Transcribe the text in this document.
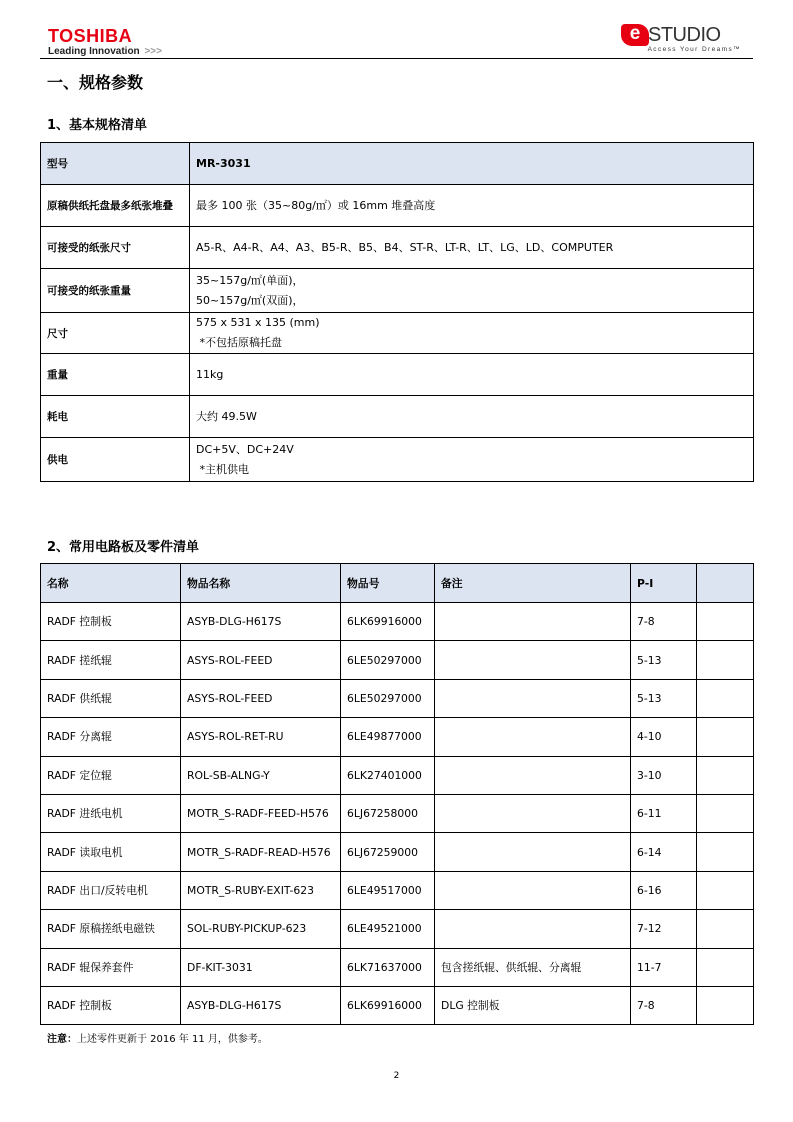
TOSHIBA
Leading Innovation >>>
e STUDIO
Access Your Dreams™
一、规格参数
1、基本规格清单
型号	MR-3031

原稿供纸托盘最多纸张堆叠	最多 100 张（35~80g/㎡）或 16mm 堆叠高度

可接受的纸张尺寸	A5-R、A4-R、A4、A3、B5-R、B5、B4、ST-R、LT-R、LT、LG、LD、COMPUTER

可接受的纸张重量	35~157g/㎡(单面)，
50~157g/㎡(双面)，

尺寸	575 x 531 x 135 (mm)
*不包括原稿托盘

重量	11kg

耗电	大约 49.5W

供电	DC+5V、DC+24V
*主机供电
2、常用电路板及零件清单
名称	物品名称	物品号	备注	P-I	
RADF 控制板	ASYB-DLG-H617S	6LK69916000		7-8	
RADF 搓纸辊	ASYS-ROL-FEED	6LE50297000		5-13	
RADF 供纸辊	ASYS-ROL-FEED	6LE50297000		5-13	
RADF 分离辊	ASYS-ROL-RET-RU	6LE49877000		4-10	
RADF 定位辊	ROL-SB-ALNG-Y	6LK27401000		3-10	
RADF 进纸电机	MOTR_S-RADF-FEED-H576	6LJ67258000		6-11	
RADF 读取电机	MOTR_S-RADF-READ-H576	6LJ67259000		6-14	
RADF 出口/反转电机	MOTR_S-RUBY-EXIT-623	6LE49517000		6-16	
RADF 原稿搓纸电磁铁	SOL-RUBY-PICKUP-623	6LE49521000		7-12	
RADF 辊保养套件	DF-KIT-3031	6LK71637000	包含搓纸辊、供纸辊、分离辊	11-7	
RADF 控制板	ASYB-DLG-H617S	6LK69916000	DLG 控制板	7-8	
注意：上述零件更新于 2016 年 11 月，供参考。
2
